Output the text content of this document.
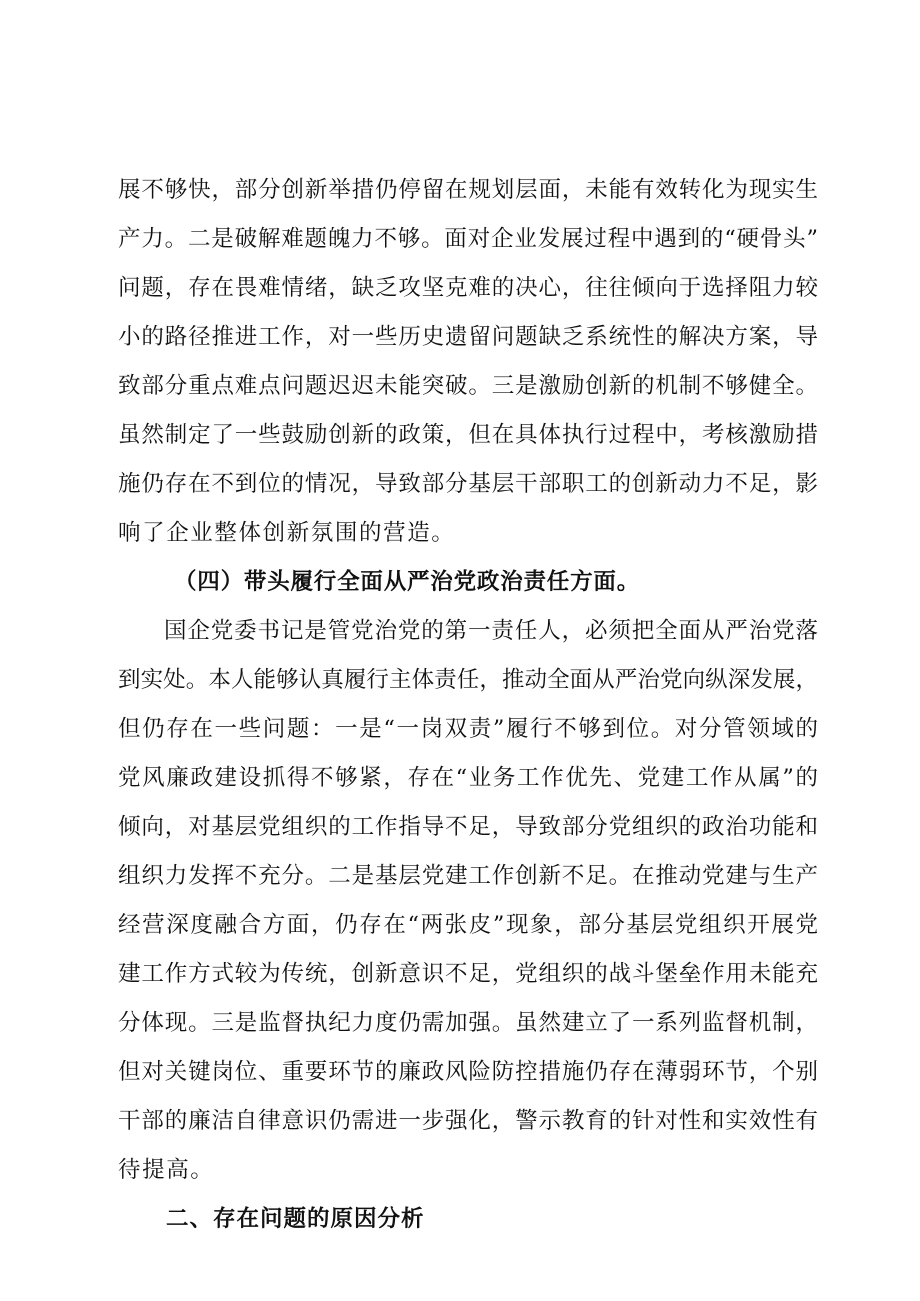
展不够快，部分创新举措仍停留在规划层面，未能有效转化为现实生
产力。二是破解难题魄力不够。面对企业发展过程中遇到的“硬骨头”
问题，存在畏难情绪，缺乏攻坚克难的决心，往往倾向于选择阻力较
小的路径推进工作，对一些历史遗留问题缺乏系统性的解决方案，导
致部分重点难点问题迟迟未能突破。三是激励创新的机制不够健全。
虽然制定了一些鼓励创新的政策，但在具体执行过程中，考核激励措
施仍存在不到位的情况，导致部分基层干部职工的创新动力不足，影
响了企业整体创新氛围的营造。
（四）带头履行全面从严治党政治责任方面。
国企党委书记是管党治党的第一责任人，必须把全面从严治党落
到实处。本人能够认真履行主体责任，推动全面从严治党向纵深发展，
但仍存在一些问题：一是“一岗双责”履行不够到位。对分管领域的
党风廉政建设抓得不够紧，存在“业务工作优先、党建工作从属”的
倾向，对基层党组织的工作指导不足，导致部分党组织的政治功能和
组织力发挥不充分。二是基层党建工作创新不足。在推动党建与生产
经营深度融合方面，仍存在“两张皮”现象，部分基层党组织开展党
建工作方式较为传统，创新意识不足，党组织的战斗堡垒作用未能充
分体现。三是监督执纪力度仍需加强。虽然建立了一系列监督机制，
但对关键岗位、重要环节的廉政风险防控措施仍存在薄弱环节，个别
干部的廉洁自律意识仍需进一步强化，警示教育的针对性和实效性有
待提高。
二、存在问题的原因分析
